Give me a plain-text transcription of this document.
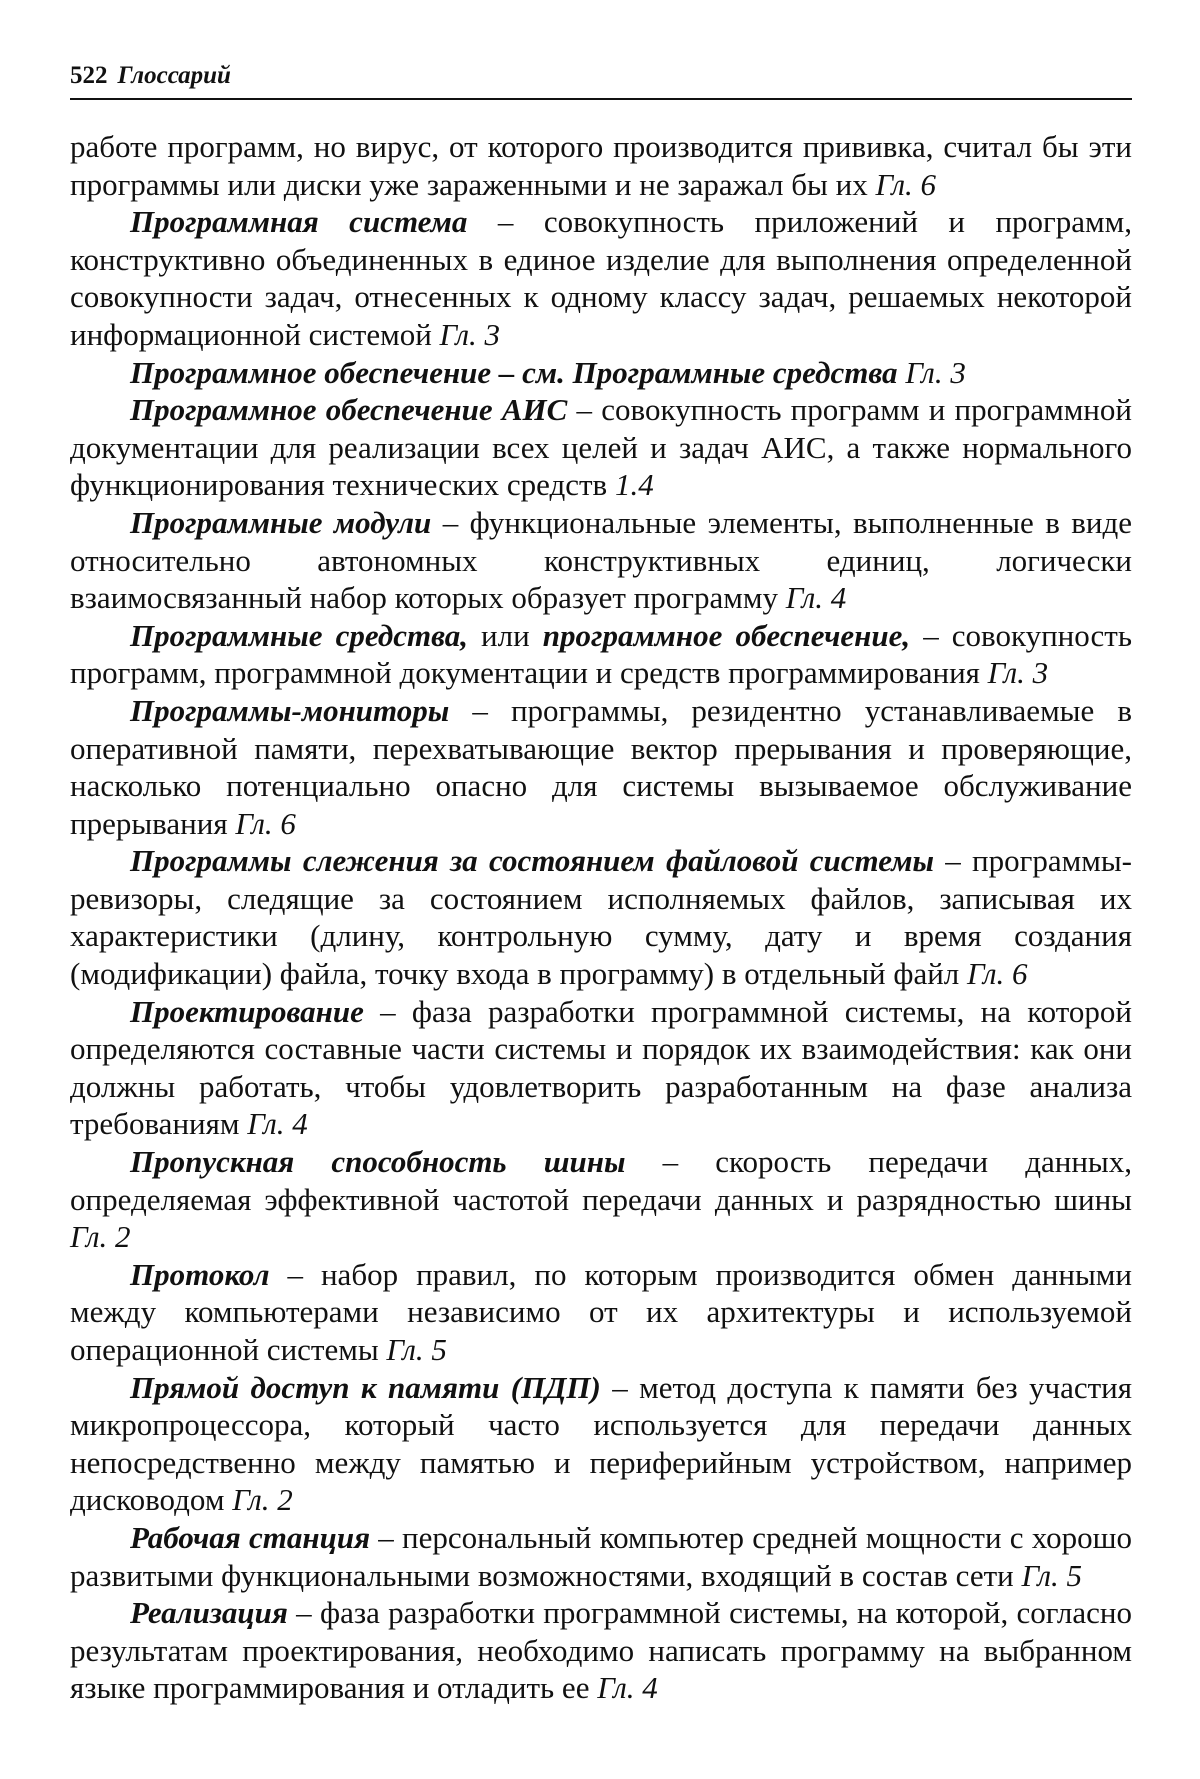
522 Глоссарий

работе программ, но вирус, от которого производится прививка, считал бы эти программы или диски уже зараженными и не заражал бы их Гл. 6

Программная система – совокупность приложений и программ, конструктивно объединенных в единое изделие для выполнения определенной совокупности задач, отнесенных к одному классу задач, решаемых некоторой информационной системой Гл. 3

Программное обеспечение – см. Программные средства Гл. 3

Программное обеспечение АИС – совокупность программ и программной документации для реализации всех целей и задач АИС, а также нормального функционирования технических средств 1.4

Программные модули – функциональные элементы, выполненные в виде относительно автономных конструктивных единиц, логически взаимосвязанный набор которых образует программу Гл. 4

Программные средства, или программное обеспечение, – совокупность программ, программной документации и средств программирования Гл. 3

Программы-мониторы – программы, резидентно устанавливаемые в оперативной памяти, перехватывающие вектор прерывания и проверяющие, насколько потенциально опасно для системы вызываемое обслуживание прерывания Гл. 6

Программы слежения за состоянием файловой системы – программы-ревизоры, следящие за состоянием исполняемых файлов, записывая их характеристики (длину, контрольную сумму, дату и время создания (модификации) файла, точку входа в программу) в отдельный файл Гл. 6

Проектирование – фаза разработки программной системы, на которой определяются составные части системы и порядок их взаимодействия: как они должны работать, чтобы удовлетворить разработанным на фазе анализа требованиям Гл. 4

Пропускная способность шины – скорость передачи данных, определяемая эффективной частотой передачи данных и разрядностью шины Гл. 2

Протокол – набор правил, по которым производится обмен данными между компьютерами независимо от их архитектуры и используемой операционной системы Гл. 5

Прямой доступ к памяти (ПДП) – метод доступа к памяти без участия микропроцессора, который часто используется для передачи данных непосредственно между памятью и периферийным устройством, например дисководом Гл. 2

Рабочая станция – персональный компьютер средней мощности с хорошо развитыми функциональными возможностями, входящий в состав сети Гл. 5

Реализация – фаза разработки программной системы, на которой, согласно результатам проектирования, необходимо написать программу на выбранном языке программирования и отладить ее Гл. 4
